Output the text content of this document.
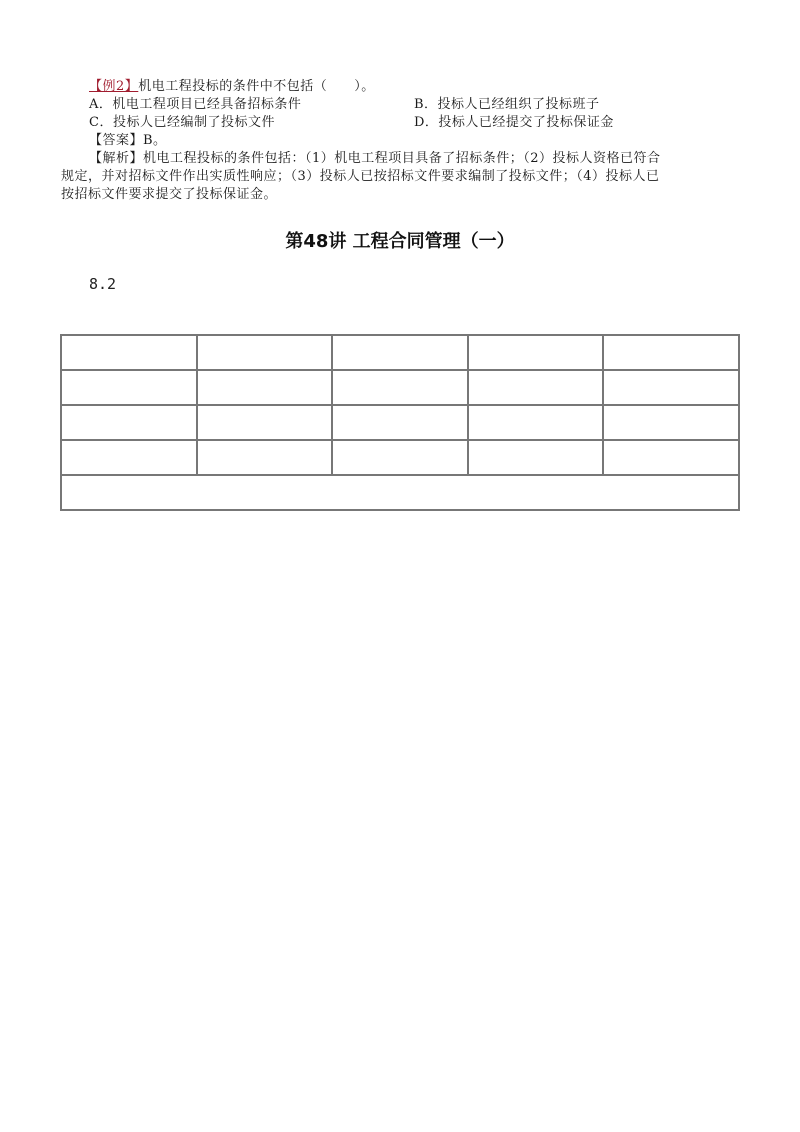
【例2】机电工程投标的条件中不包括（　　）。
A．机电工程项目已经具备招标条件	B．投标人已经组织了投标班子
C．投标人已经编制了投标文件	D．投标人已经提交了投标保证金
【答案】B。
【解析】机电工程投标的条件包括：（1）机电工程项目具备了招标条件；（2）投标人资格已符合
规定，并对招标文件作出实质性响应；（3）投标人已按招标文件要求编制了投标文件；（4）投标人已
按招标文件要求提交了投标保证金。
第48讲 工程合同管理（一）
8.2
